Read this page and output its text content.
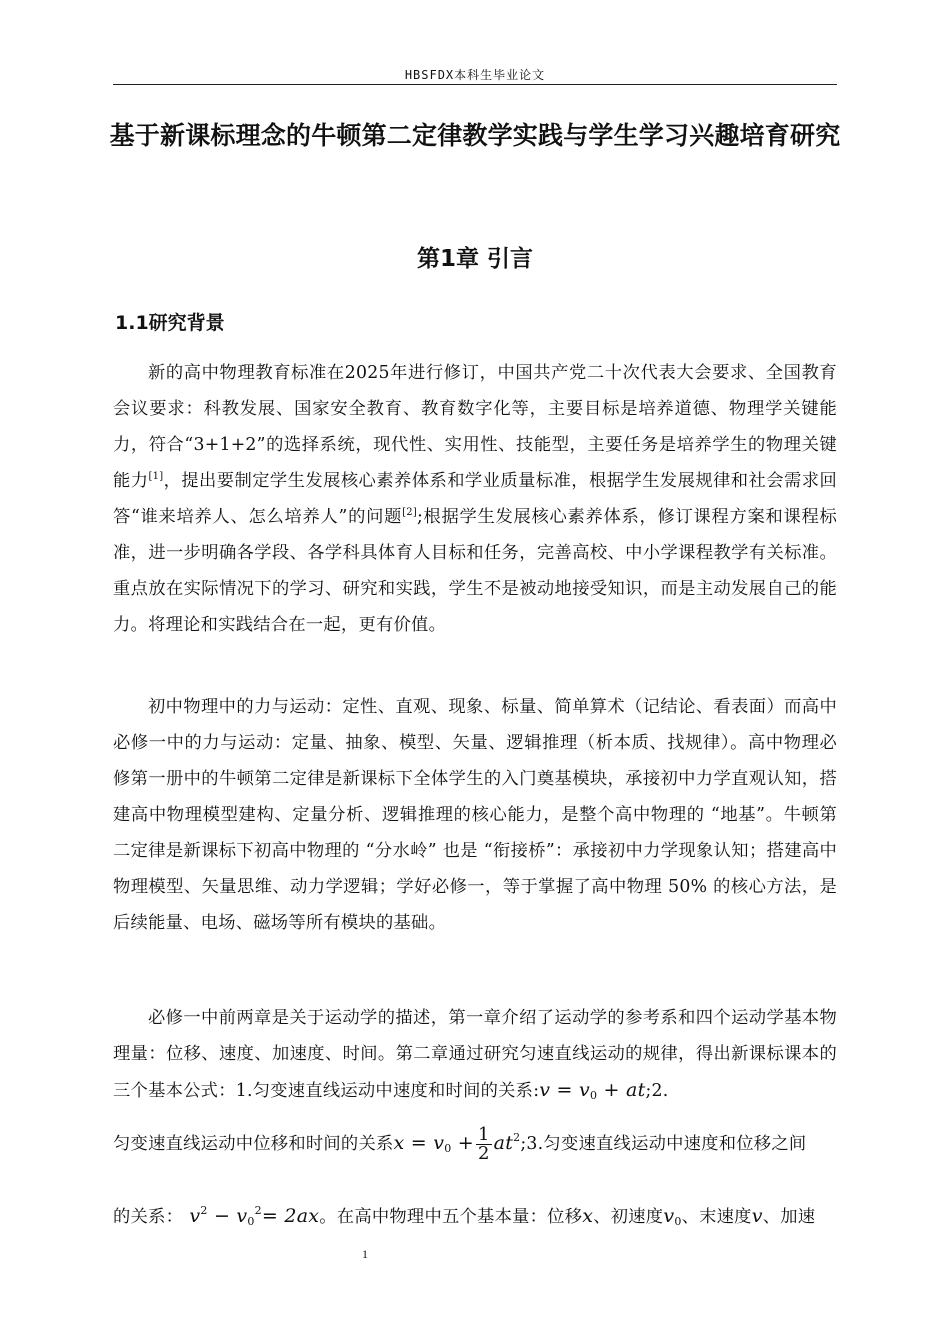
HBSFDX本科生毕业论文
基于新课标理念的牛顿第二定律教学实践与学生学习兴趣培育研究
第1章 引言
1.1研究背景
新的高中物理教育标准在2025年进行修订，中国共产党二十次代表大会要求、全国教育会议要求：科教发展、国家安全教育、教育数字化等，主要目标是培养道德、物理学关键能力，符合“3+1+2”的选择系统，现代性、实用性、技能型，主要任务是培养学生的物理关键能力[1]，提出要制定学生发展核心素养体系和学业质量标准，根据学生发展规律和社会需求回答“谁来培养人、怎么培养人”的问题[2];根据学生发展核心素养体系，修订课程方案和课程标准，进一步明确各学段、各学科具体育人目标和任务，完善高校、中小学课程教学有关标准。重点放在实际情况下的学习、研究和实践，学生不是被动地接受知识，而是主动发展自己的能力。将理论和实践结合在一起，更有价值。
初中物理中的力与运动：定性、直观、现象、标量、简单算术（记结论、看表面）而高中必修一中的力与运动：定量、抽象、模型、矢量、逻辑推理（析本质、找规律）。高中物理必修第一册中的牛顿第二定律是新课标下全体学生的入门奠基模块，承接初中力学直观认知，搭建高中物理模型建构、定量分析、逻辑推理的核心能力，是整个高中物理的 “地基”。牛顿第二定律是新课标下初高中物理的 “分水岭” 也是 “衔接桥”：承接初中力学现象认知；搭建高中物理模型、矢量思维、动力学逻辑；学好必修一，等于掌握了高中物理 50% 的核心方法，是后续能量、电场、磁场等所有模块的基础。
必修一中前两章是关于运动学的描述，第一章介绍了运动学的参考系和四个运动学基本物理量：位移、速度、加速度、时间。第二章通过研究匀速直线运动的规律，得出新课标课本的三个基本公式：1.匀变速直线运动中速度和时间的关系:v = $v_0$ + at;2.
匀变速直线运动中位移和时间的关系$x = v_0 + \frac{1}{2}$ $at^2;3$.匀变速直线运动中速度和位移之间
的关系： $v^2 - v_0^2= 2ax$。在高中物理中五个基本量：位移x、初速度$v_0$、末速度v、加速
1
